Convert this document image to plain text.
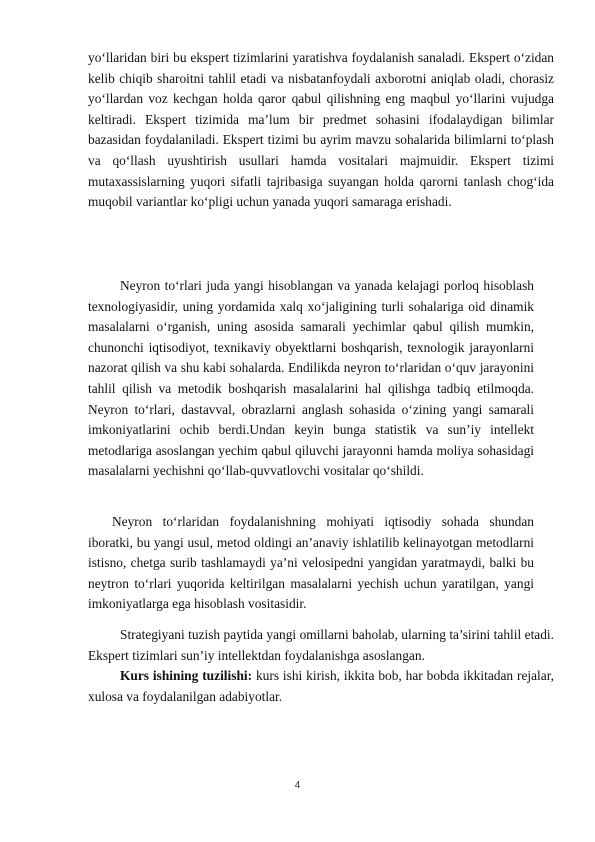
yo‘llaridan biri bu ekspert tizimlarini yaratishva foydalanish sanaladi. Ekspert o‘zidan kelib chiqib sharoitni tahlil etadi va nisbatanfoydali axborotni aniqlab oladi, chorasiz yo‘llardan voz kechgan holda qaror qabul qilishning eng maqbul yo‘llarini vujudga keltiradi. Ekspert tizimida ma’lum bir predmet sohasini ifodalaydigan bilimlar bazasidan foydalaniladi. Ekspert tizimi bu ayrim mavzu sohalarida bilimlarni to‘plash va qo‘llash uyushtirish usullari hamda vositalari majmuidir. Ekspert tizimi mutaxassislarning yuqori sifatli tajribasiga suyangan holda qarorni tanlash chog‘ida muqobil variantlar ko‘pligi uchun yanada yuqori samaraga erishadi.

Neyron to‘rlari juda yangi hisoblangan va yanada kelajagi porloq hisoblash texnologiyasidir, uning yordamida xalq xo‘jaligining turli sohalariga oid dinamik masalalarni o‘rganish, uning asosida samarali yechimlar qabul qilish mumkin, chunonchi iqtisodiyot, texnikaviy obyektlarni boshqarish, texnologik jarayonlarni nazorat qilish va shu kabi sohalarda. Endilikda neyron to‘rlaridan o‘quv jarayonini tahlil qilish va metodik boshqarish masalalarini hal qilishga tadbiq etilmoqda. Neyron to‘rlari, dastavval, obrazlarni anglash sohasida o‘zining yangi samarali imkoniyatlarini ochib berdi.Undan keyin bunga statistik va sun’iy intellekt metodlariga asoslangan yechim qabul qiluvchi jarayonni hamda moliya sohasidagi masalalarni yechishni qo‘llab-quvvatlovchi vositalar qo‘shildi.

Neyron to‘rlaridan foydalanishning mohiyati iqtisodiy sohada shundan iboratki, bu yangi usul, metod oldingi an’anaviy ishlatilib kelinayotgan metodlarni istisno, chetga surib tashlamaydi ya’ni velosipedni yangidan yaratmaydi, balki bu neytron to‘rlari yuqorida keltirilgan masalalarni yechish uchun yaratilgan, yangi imkoniyatlarga ega hisoblash vositasidir.

Strategiyani tuzish paytida yangi omillarni baholab, ularning ta’sirini tahlil etadi. Ekspert tizimlari sun’iy intellektdan foydalanishga asoslangan.

Kurs ishining tuzilishi: kurs ishi kirish, ikkita bob, har bobda ikkitadan rejalar, xulosa va foydalanilgan adabiyotlar.

4
